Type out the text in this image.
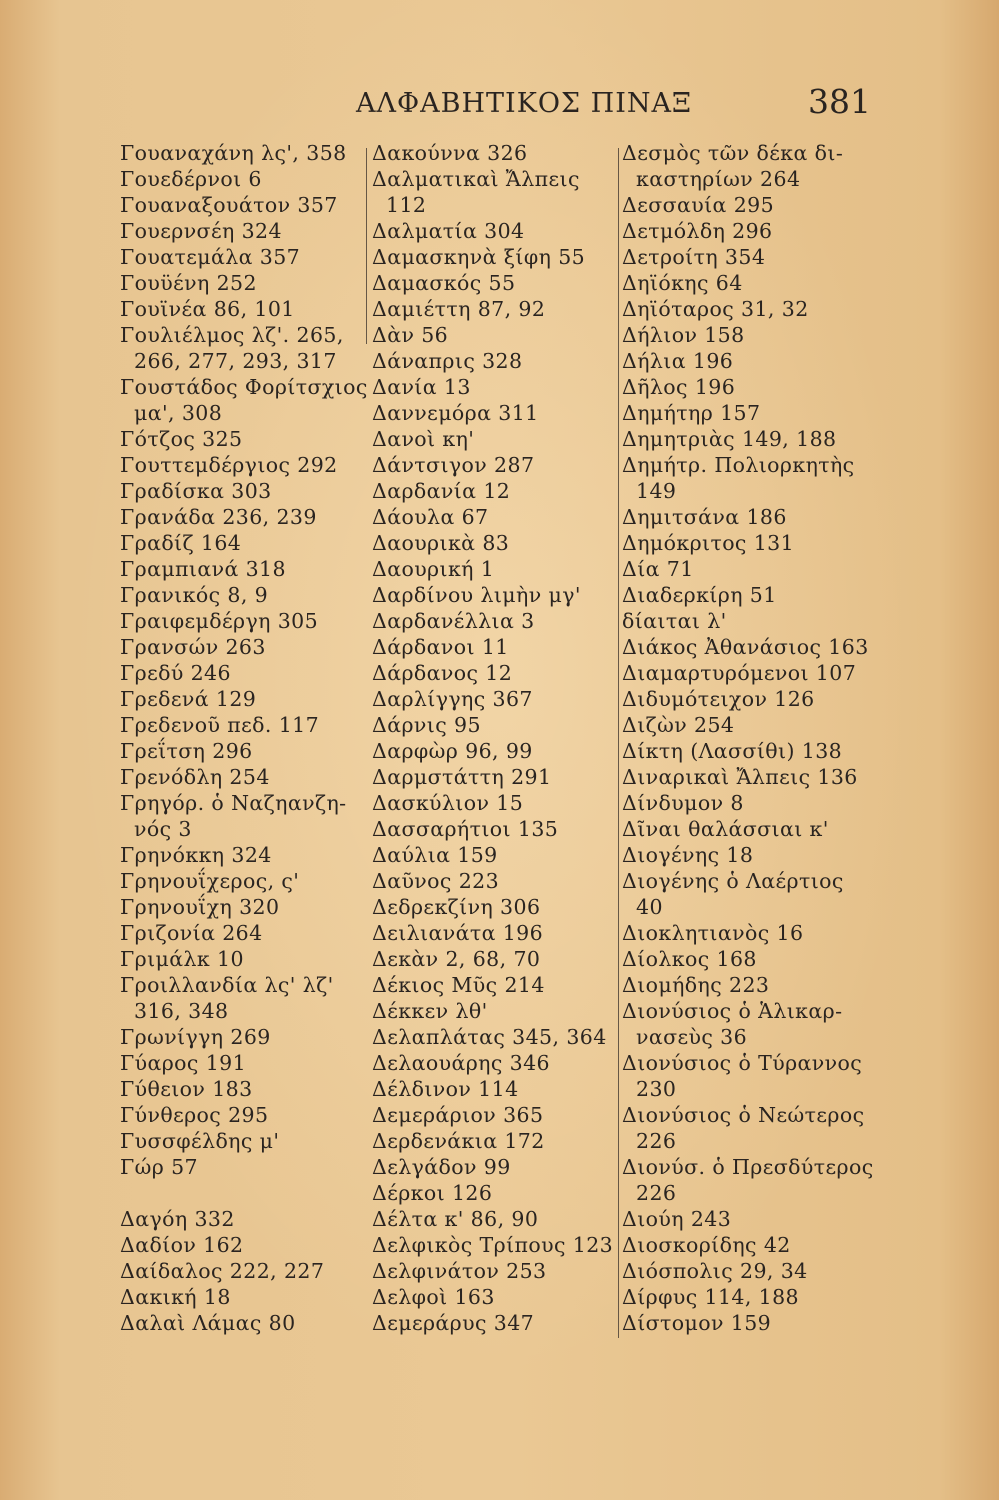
ΑΛΦΑΒΗΤΙΚΟΣ ΠΙΝΑΞ	381
Γουαναχάνη λς', 358
Γουεδέρνοι 6
Γουαναξουάτον 357
Γουερνσέη 324
Γουατεμάλα 357
Γουϋένη 252
Γουϊνέα 86, 101
Γουλιέλμος λζ'. 265,
266, 277, 293, 317
Γουστάδος Φορίτσχιος
μα', 308
Γότζος 325
Γουττεμδέργιος 292
Γραδίσκα 303
Γρανάδα 236, 239
Γραδίζ 164
Γραμπιανά 318
Γρανικός 8, 9
Γραιφεμδέργη 305
Γρανσών 263
Γρεδύ 246
Γρεδενά 129
Γρεδενοῦ πεδ. 117
Γρεΐτση 296
Γρενόδλη 254
Γρηγόρ. ὁ Ναζηανζη-
νός 3
Γρηνόκκη 324
Γρηνουΐχερος, ς'
Γρηνουΐχη 320
Γριζονία 264
Γριμάλκ 10
Γροιλλανδία λς' λζ'
316, 348
Γρωνίγγη 269
Γύαρος 191
Γύθειον 183
Γύνθερος 295
Γυσσφέλδης μ'
Γώρ 57
Δαγόη 332
Δαδίον 162
Δαίδαλος 222, 227
Δακική 18
Δαλαὶ Λάμας 80
Δακούννα 326
Δαλματικαὶ Ἄλπεις
112
Δαλματία 304
Δαμασκηνὰ ξίφη 55
Δαμασκός 55
Δαμιέττη 87, 92
Δὰν 56
Δάναπρις 328
Δανία 13
Δαννεμόρα 311
Δανοὶ κη'
Δάντσιγον 287
Δαρδανία 12
Δάουλα 67
Δαουρικὰ 83
Δαουρική 1
Δαρδίνου λιμὴν μγ'
Δαρδανέλλια 3
Δάρδανοι 11
Δάρδανος 12
Δαρλίγγης 367
Δάρνις 95
Δαρφὼρ 96, 99
Δαρμστάττη 291
Δασκύλιον 15
Δασσαρήτιοι 135
Δαύλια 159
Δαῦνος 223
Δεδρεκζίνη 306
Δειλιανάτα 196
Δεκὰν 2, 68, 70
Δέκιος Μῦς 214
Δέκκεν λθ'
Δελαπλάτας 345, 364
Δελαουάρης 346
Δέλδινον 114
Δεμεράριον 365
Δερδενάκια 172
Δελγάδον 99
Δέρκοι 126
Δέλτα κ' 86, 90
Δελφικὸς Τρίπους 123
Δελφινάτον 253
Δελφοὶ 163
Δεμεράρυς 347
Δεσμὸς τῶν δέκα δι-
καστηρίων 264
Δεσσαυία 295
Δετμόλδη 296
Δετροίτη 354
Δηϊόκης 64
Δηϊόταρος 31, 32
Δήλιον 158
Δήλια 196
Δῆλος 196
Δημήτηρ 157
Δημητριὰς 149, 188
Δημήτρ. Πολιορκητὴς
149
Δημιτσάνα 186
Δημόκριτος 131
Δία 71
Διαδερκίρη 51
δίαιται λ'
Διάκος Ἀθανάσιος 163
Διαμαρτυρόμενοι 107
Διδυμότειχον 126
Διζὼν 254
Δίκτη (Λασσίθι) 138
Διναρικαὶ Ἄλπεις 136
Δίνδυμον 8
Δῖναι θαλάσσιαι κ'
Διογένης 18
Διογένης ὁ Λαέρτιος
40
Διοκλητιανὸς 16
Δίολκος 168
Διομήδης 223
Διονύσιος ὁ Ἁλικαρ-
νασεὺς 36
Διονύσιος ὁ Τύραννος
230
Διονύσιος ὁ Νεώτερος
226
Διονύσ. ὁ Πρεσδύτερος
226
Διούη 243
Διοσκορίδης 42
Διόσπολις 29, 34
Δίρφυς 114, 188
Δίστομον 159
